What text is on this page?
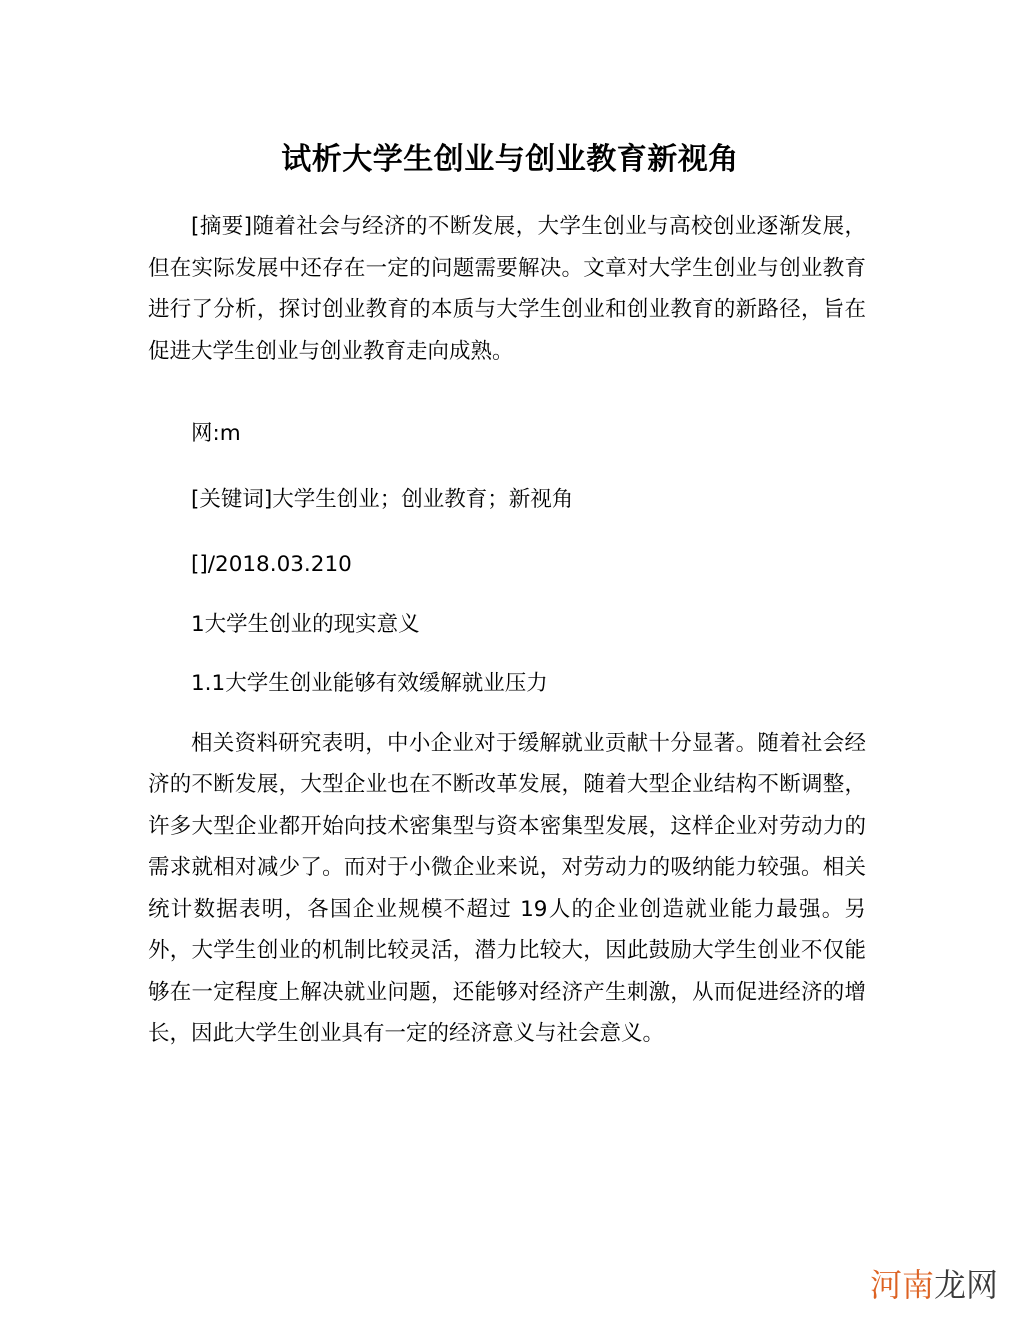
试析大学生创业与创业教育新视角

[摘要]随着社会与经济的不断发展，大学生创业与高校创业逐渐发展，但在实际发展中还存在一定的问题需要解决。文章对大学生创业与创业教育进行了分析，探讨创业教育的本质与大学生创业和创业教育的新路径，旨在促进大学生创业与创业教育走向成熟。

网:m

[关键词]大学生创业；创业教育；新视角

[]/2018.03.210

1大学生创业的现实意义

1.1大学生创业能够有效缓解就业压力

相关资料研究表明，中小企业对于缓解就业贡献十分显著。随着社会经济的不断发展，大型企业也在不断改革发展，随着大型企业结构不断调整，许多大型企业都开始向技术密集型与资本密集型发展，这样企业对劳动力的需求就相对减少了。而对于小微企业来说，对劳动力的吸纳能力较强。相关统计数据表明，各国企业规模不超过 19人的企业创造就业能力最强。另外，大学生创业的机制比较灵活，潜力比较大，因此鼓励大学生创业不仅能够在一定程度上解决就业问题，还能够对经济产生刺激，从而促进经济的增长，因此大学生创业具有一定的经济意义与社会意义。

河南龙网
